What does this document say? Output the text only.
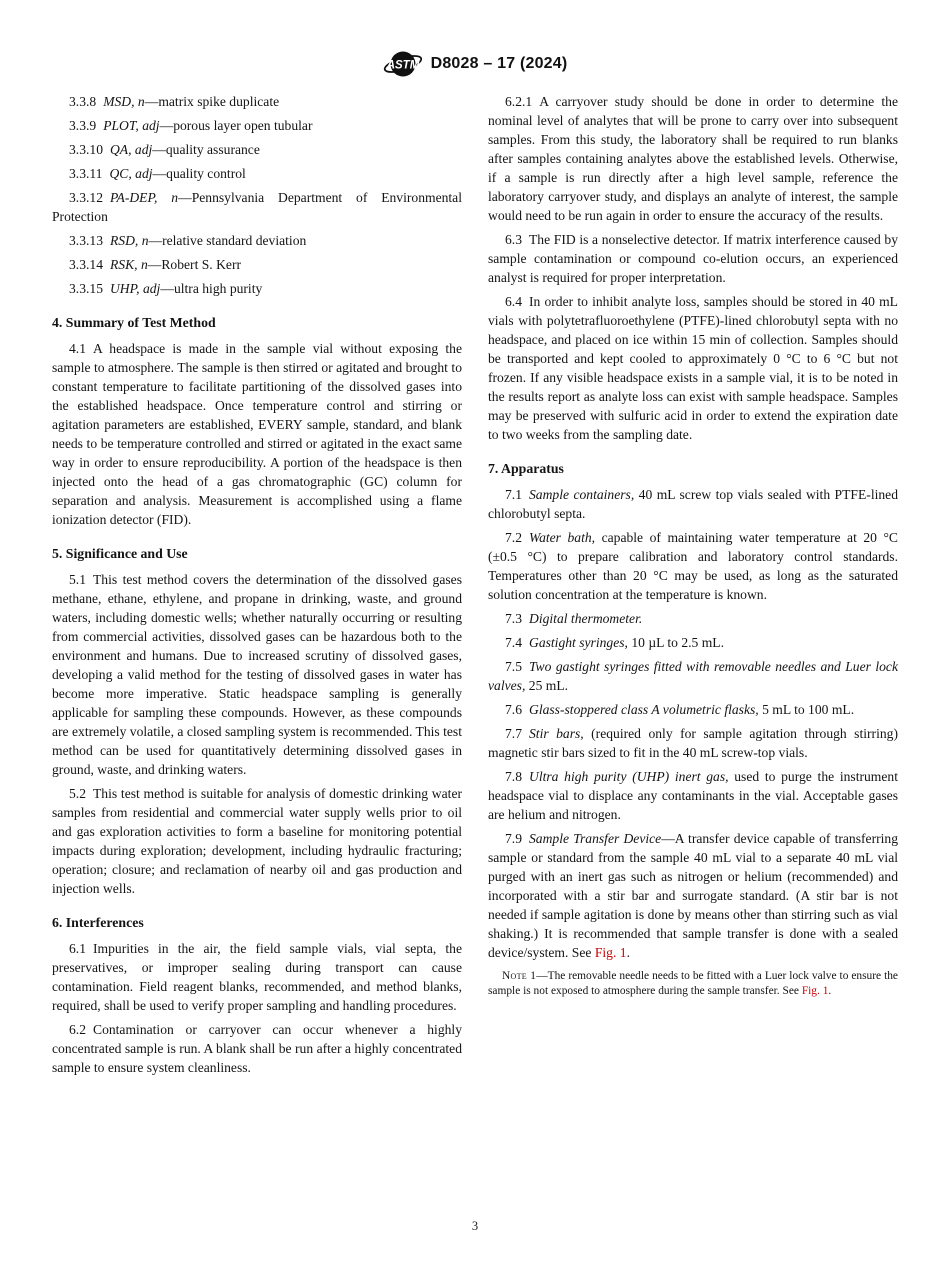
ASTM D8028 – 17 (2024)

3.3.8 MSD, n—matrix spike duplicate

3.3.9 PLOT, adj—porous layer open tubular

3.3.10 QA, adj—quality assurance

3.3.11 QC, adj—quality control

3.3.12 PA-DEP, n—Pennsylvania Department of Environmental Protection

3.3.13 RSD, n—relative standard deviation

3.3.14 RSK, n—Robert S. Kerr

3.3.15 UHP, adj—ultra high purity

4. Summary of Test Method

4.1 A headspace is made in the sample vial without exposing the sample to atmosphere. The sample is then stirred or agitated and brought to constant temperature to facilitate partitioning of the dissolved gases into the established headspace. Once temperature control and stirring or agitation parameters are established, EVERY sample, standard, and blank needs to be temperature controlled and stirred or agitated in the exact same way in order to ensure reproducibility. A portion of the headspace is then injected onto the head of a gas chromatographic (GC) column for separation and analysis. Measurement is accomplished using a flame ionization detector (FID).

5. Significance and Use

5.1 This test method covers the determination of the dissolved gases methane, ethane, ethylene, and propane in drinking, waste, and ground waters, including domestic wells; whether naturally occurring or resulting from commercial activities, dissolved gases can be hazardous both to the environment and humans. Due to increased scrutiny of dissolved gases, developing a valid method for the testing of dissolved gases in water has become more imperative. Static headspace sampling is generally applicable for sampling these compounds. However, as these compounds are extremely volatile, a closed sampling system is recommended. This test method can be used for quantitatively determining dissolved gases in ground, waste, and drinking waters.

5.2 This test method is suitable for analysis of domestic drinking water samples from residential and commercial water supply wells prior to oil and gas exploration activities to form a baseline for monitoring potential impacts during exploration; development, including hydraulic fracturing; operation; closure; and reclamation of nearby oil and gas production and injection wells.

6. Interferences

6.1 Impurities in the air, the field sample vials, vial septa, the preservatives, or improper sealing during transport can cause contamination. Field reagent blanks, recommended, and method blanks, required, shall be used to verify proper sampling and handling procedures.

6.2 Contamination or carryover can occur whenever a highly concentrated sample is run. A blank shall be run after a highly concentrated sample to ensure system cleanliness.

6.2.1 A carryover study should be done in order to determine the nominal level of analytes that will be prone to carry over into subsequent samples. From this study, the laboratory shall be required to run blanks after samples containing analytes above the established levels. Otherwise, if a sample is run directly after a high level sample, reference the laboratory carryover study, and displays an analyte of interest, the sample would need to be run again in order to ensure the accuracy of the results.

6.3 The FID is a nonselective detector. If matrix interference caused by sample contamination or compound co-elution occurs, an experienced analyst is required for proper interpretation.

6.4 In order to inhibit analyte loss, samples should be stored in 40 mL vials with polytetrafluoroethylene (PTFE)-lined chlorobutyl septa with no headspace, and placed on ice within 15 min of collection. Samples should be transported and kept cooled to approximately 0 °C to 6 °C but not frozen. If any visible headspace exists in a sample vial, it is to be noted in the results report as analyte loss can exist with sample headspace. Samples may be preserved with sulfuric acid in order to extend the expiration date to two weeks from the sampling date.

7. Apparatus

7.1 Sample containers, 40 mL screw top vials sealed with PTFE-lined chlorobutyl septa.

7.2 Water bath, capable of maintaining water temperature at 20 °C (±0.5 °C) to prepare calibration and laboratory control standards. Temperatures other than 20 °C may be used, as long as the saturated solution concentration at the temperature is known.

7.3 Digital thermometer.

7.4 Gastight syringes, 10 µL to 2.5 mL.

7.5 Two gastight syringes fitted with removable needles and Luer lock valves, 25 mL.

7.6 Glass-stoppered class A volumetric flasks, 5 mL to 100 mL.

7.7 Stir bars, (required only for sample agitation through stirring) magnetic stir bars sized to fit in the 40 mL screw-top vials.

7.8 Ultra high purity (UHP) inert gas, used to purge the instrument headspace vial to displace any contaminants in the vial. Acceptable gases are helium and nitrogen.

7.9 Sample Transfer Device—A transfer device capable of transferring sample or standard from the sample 40 mL vial to a separate 40 mL vial purged with an inert gas such as nitrogen or helium (recommended) and incorporated with a stir bar and surrogate standard. (A stir bar is not needed if sample agitation is done by means other than stirring such as vial shaking.) It is recommended that sample transfer is done with a sealed device/system. See Fig. 1.

Note 1—The removable needle needs to be fitted with a Luer lock valve to ensure the sample is not exposed to atmosphere during the sample transfer. See Fig. 1.

3
